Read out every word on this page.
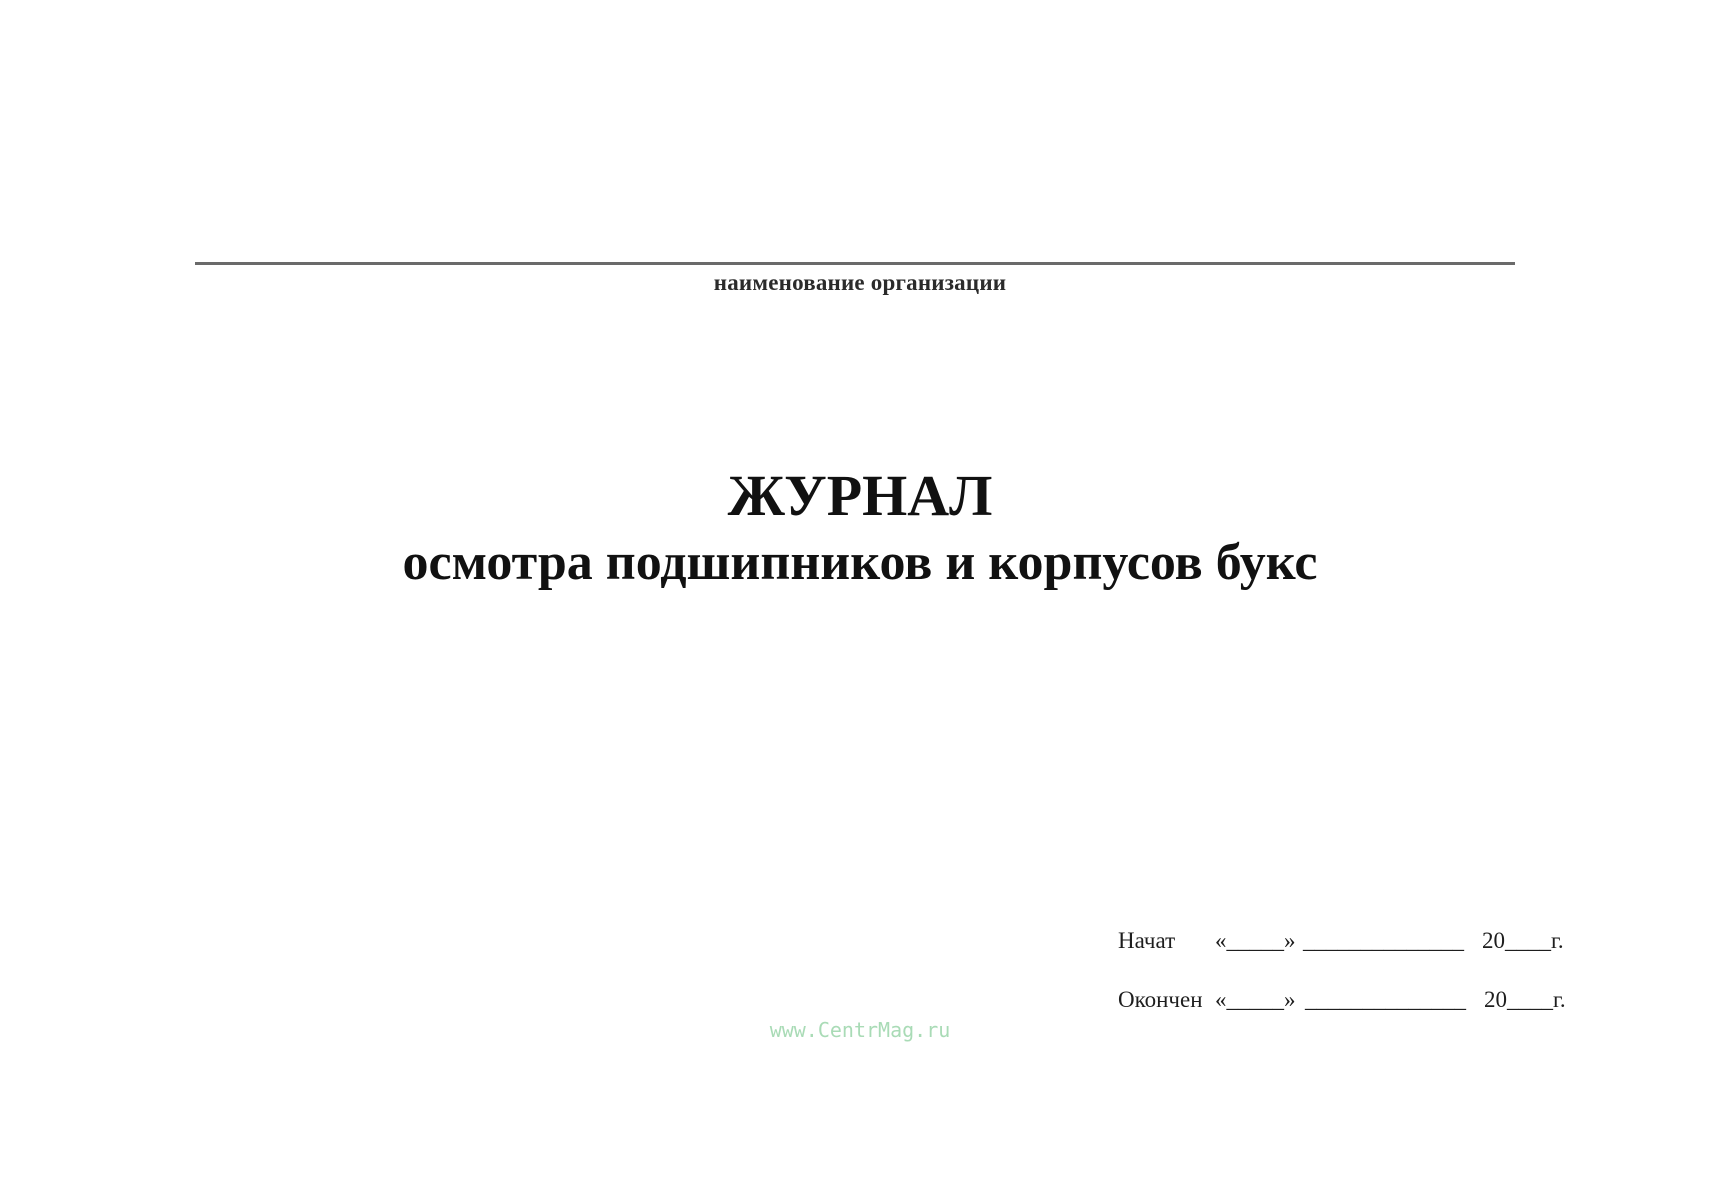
наименование организации
ЖУРНАЛ
осмотра подшипников и корпусов букс
Начат «_____» ______________ 20____г.
Окончен «_____» ______________ 20____г.
www.CentrMag.ru
